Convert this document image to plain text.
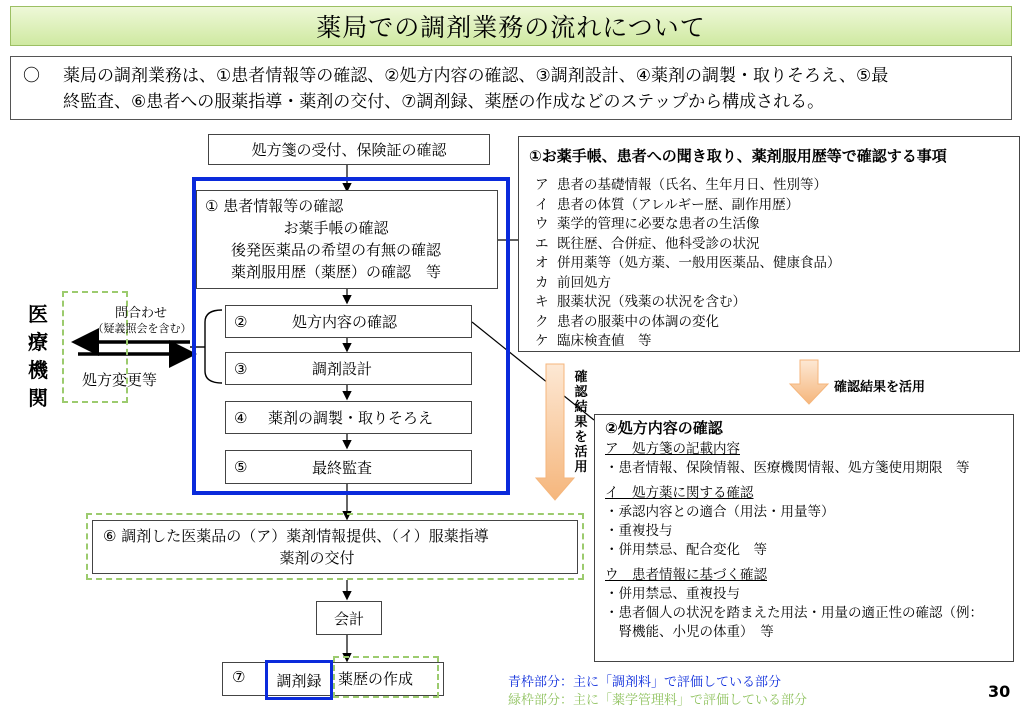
薬局での調剤業務の流れについて
〇 薬局の調剤業務は、①患者情報等の確認、②処方内容の確認、③調剤設計、④薬剤の調製・取りそろえ、⑤最
終監査、⑥患者への服薬指導・薬剤の交付、⑦調剤録、薬歴の作成などのステップから構成される。
処方箋の受付、保険証の確認
① 患者情報等の確認
お薬手帳の確認
後発医薬品の希望の有無の確認
薬剤服用歴（薬歴）の確認　等
②	処方内容の確認
③	調剤設計
④	薬剤の調製・取りそろえ
⑤	最終監査
⑥ 調剤した医薬品の（ア）薬剤情報提供、（イ）服薬指導
薬剤の交付
会計
⑦	調剤録	薬歴の作成
医療機関
問合わせ
（疑義照会を含む）
処方変更等
①お薬手帳、患者への聞き取り、薬剤服用歴等で確認する事項
ア 患者の基礎情報（氏名、生年月日、性別等）
イ 患者の体質（アレルギー歴、副作用歴）
ウ 薬学的管理に必要な患者の生活像
エ 既往歴、合併症、他科受診の状況
オ 併用薬等（処方薬、一般用医薬品、健康食品）
カ 前回処方
キ 服薬状況（残薬の状況を含む）
ク 患者の服薬中の体調の変化
ケ 臨床検査値　等
確認結果を活用
確認結果を活用
②処方内容の確認
ア　処方箋の記載内容
・患者情報、保険情報、医療機関情報、処方箋使用期限　等
イ　処方薬に関する確認
・承認内容との適合（用法・用量等）
・重複投与
・併用禁忌、配合変化　等
ウ　患者情報に基づく確認
・併用禁忌、重複投与
・患者個人の状況を踏まえた用法・用量の適正性の確認（例：
　腎機能、小児の体重）　等
青枠部分：主に「調剤料」で評価している部分
緑枠部分：主に「薬学管理料」で評価している部分	30
